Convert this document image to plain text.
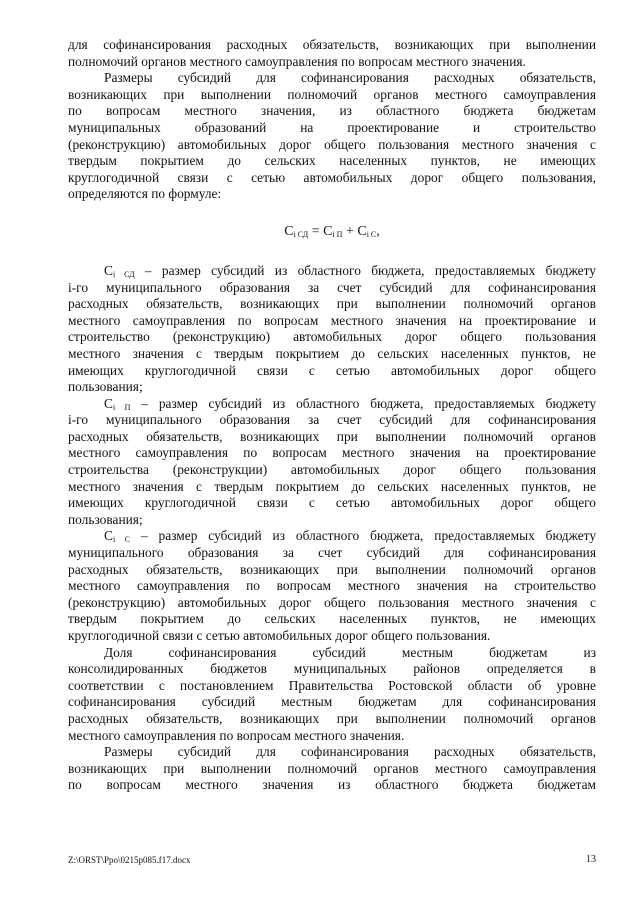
для софинансирования расходных обязательств, возникающих при выполнении
полномочий органов местного самоуправления по вопросам местного значения.
Размеры субсидий для софинансирования расходных обязательств,
возникающих при выполнении полномочий органов местного самоуправления
по вопросам местного значения, из областного бюджета бюджетам
муниципальных образований на проектирование и строительство
(реконструкцию) автомобильных дорог общего пользования местного значения с
твердым покрытием до сельских населенных пунктов, не имеющих
круглогодичной связи с сетью автомобильных дорог общего пользования,
определяются по формуле:
$С_{i СД} = С_{i П} + С_{i С}$,
$С_{i СД}$ – размер субсидий из областного бюджета, предоставляемых бюджету
i-го муниципального образования за счет субсидий для софинансирования
расходных обязательств, возникающих при выполнении полномочий органов
местного самоуправления по вопросам местного значения на проектирование и
строительство (реконструкцию) автомобильных дорог общего пользования
местного значения с твердым покрытием до сельских населенных пунктов, не
имеющих круглогодичной связи с сетью автомобильных дорог общего
пользования;
$С_{i П}$ – размер субсидий из областного бюджета, предоставляемых бюджету
i-го муниципального образования за счет субсидий для софинансирования
расходных обязательств, возникающих при выполнении полномочий органов
местного самоуправления по вопросам местного значения на проектирование
строительства (реконструкции) автомобильных дорог общего пользования
местного значения с твердым покрытием до сельских населенных пунктов, не
имеющих круглогодичной связи с сетью автомобильных дорог общего
пользования;
$С_{i С}$ – размер субсидий из областного бюджета, предоставляемых бюджету
муниципального образования за счет субсидий для софинансирования
расходных обязательств, возникающих при выполнении полномочий органов
местного самоуправления по вопросам местного значения на строительство
(реконструкцию) автомобильных дорог общего пользования местного значения с
твердым покрытием до сельских населенных пунктов, не имеющих
круглогодичной связи с сетью автомобильных дорог общего пользования.
Доля софинансирования субсидий местным бюджетам из
консолидированных бюджетов муниципальных районов определяется в
соответствии с постановлением Правительства Ростовской области об уровне
софинансирования субсидий местным бюджетам для софинансирования
расходных обязательств, возникающих при выполнении полномочий органов
местного самоуправления по вопросам местного значения.
Размеры субсидий для софинансирования расходных обязательств,
возникающих при выполнении полномочий органов местного самоуправления
по вопросам местного значения из областного бюджета бюджетам
Z:\ORST\Ppo\0215p085.f17.docx	13
